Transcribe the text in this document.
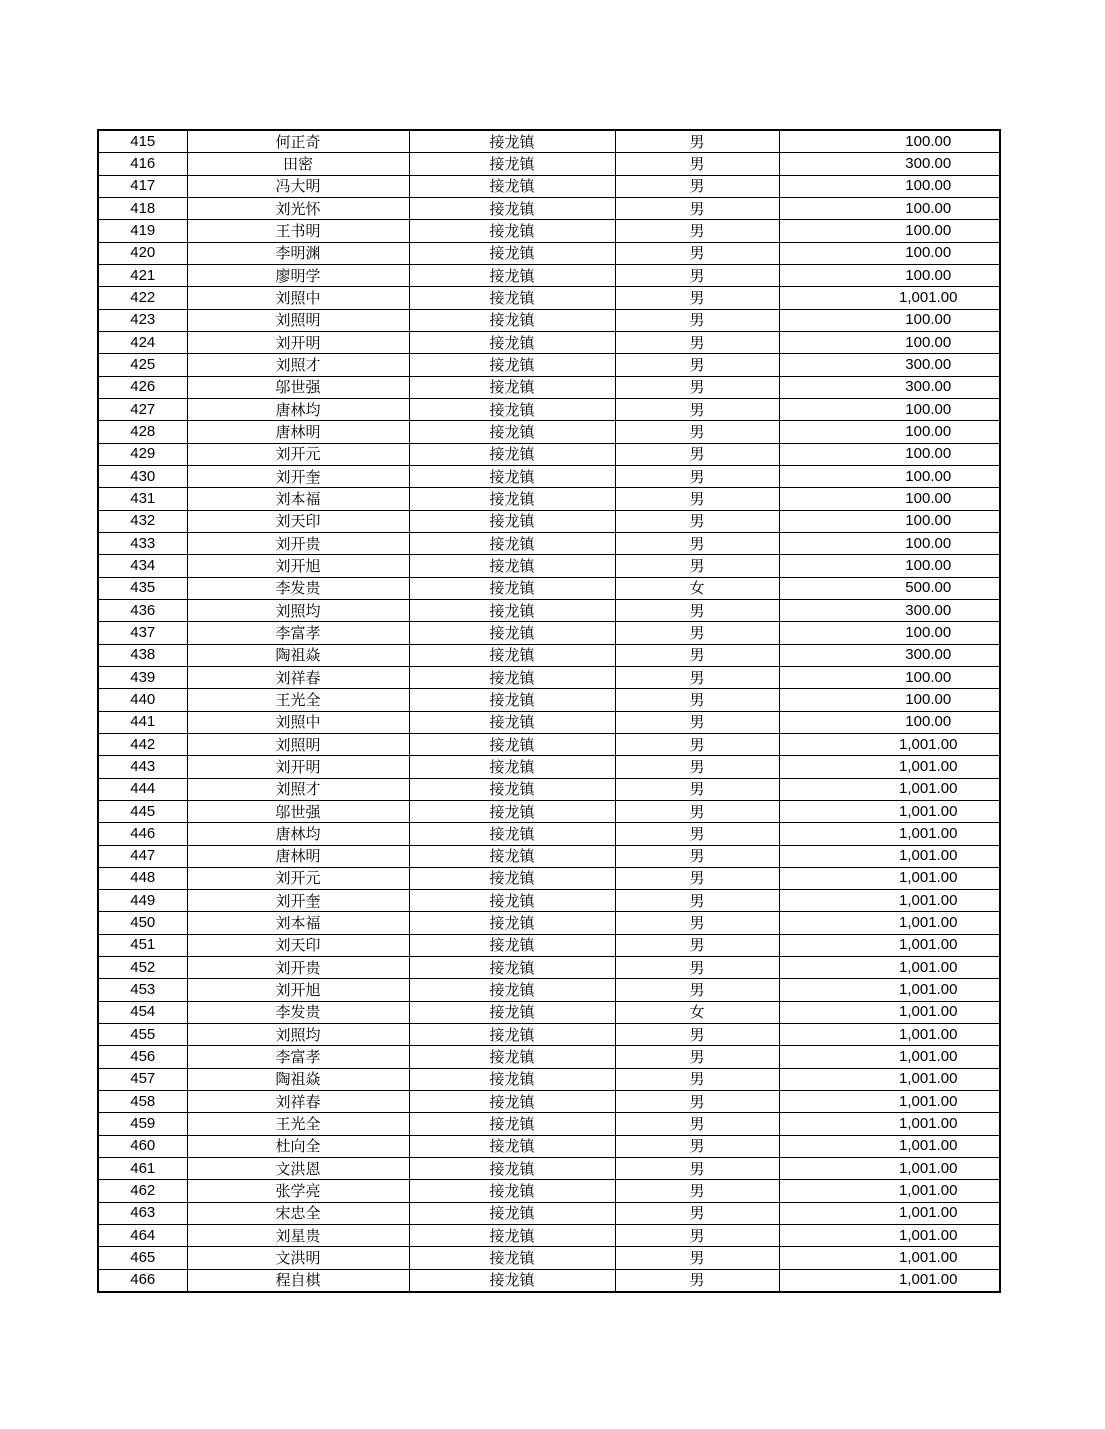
415	何正奇	接龙镇	男	100.00
416	田密	接龙镇	男	300.00
417	冯大明	接龙镇	男	100.00
418	刘光怀	接龙镇	男	100.00
419	王书明	接龙镇	男	100.00
420	李明渊	接龙镇	男	100.00
421	廖明学	接龙镇	男	100.00
422	刘照中	接龙镇	男	1,001.00
423	刘照明	接龙镇	男	100.00
424	刘开明	接龙镇	男	100.00
425	刘照才	接龙镇	男	300.00
426	邬世强	接龙镇	男	300.00
427	唐林均	接龙镇	男	100.00
428	唐林明	接龙镇	男	100.00
429	刘开元	接龙镇	男	100.00
430	刘开奎	接龙镇	男	100.00
431	刘本福	接龙镇	男	100.00
432	刘天印	接龙镇	男	100.00
433	刘开贵	接龙镇	男	100.00
434	刘开旭	接龙镇	男	100.00
435	李发贵	接龙镇	女	500.00
436	刘照均	接龙镇	男	300.00
437	李富孝	接龙镇	男	100.00
438	陶祖焱	接龙镇	男	300.00
439	刘祥春	接龙镇	男	100.00
440	王光全	接龙镇	男	100.00
441	刘照中	接龙镇	男	100.00
442	刘照明	接龙镇	男	1,001.00
443	刘开明	接龙镇	男	1,001.00
444	刘照才	接龙镇	男	1,001.00
445	邬世强	接龙镇	男	1,001.00
446	唐林均	接龙镇	男	1,001.00
447	唐林明	接龙镇	男	1,001.00
448	刘开元	接龙镇	男	1,001.00
449	刘开奎	接龙镇	男	1,001.00
450	刘本福	接龙镇	男	1,001.00
451	刘天印	接龙镇	男	1,001.00
452	刘开贵	接龙镇	男	1,001.00
453	刘开旭	接龙镇	男	1,001.00
454	李发贵	接龙镇	女	1,001.00
455	刘照均	接龙镇	男	1,001.00
456	李富孝	接龙镇	男	1,001.00
457	陶祖焱	接龙镇	男	1,001.00
458	刘祥春	接龙镇	男	1,001.00
459	王光全	接龙镇	男	1,001.00
460	杜向全	接龙镇	男	1,001.00
461	文洪恩	接龙镇	男	1,001.00
462	张学亮	接龙镇	男	1,001.00
463	宋忠全	接龙镇	男	1,001.00
464	刘星贵	接龙镇	男	1,001.00
465	文洪明	接龙镇	男	1,001.00
466	程自棋	接龙镇	男	1,001.00
